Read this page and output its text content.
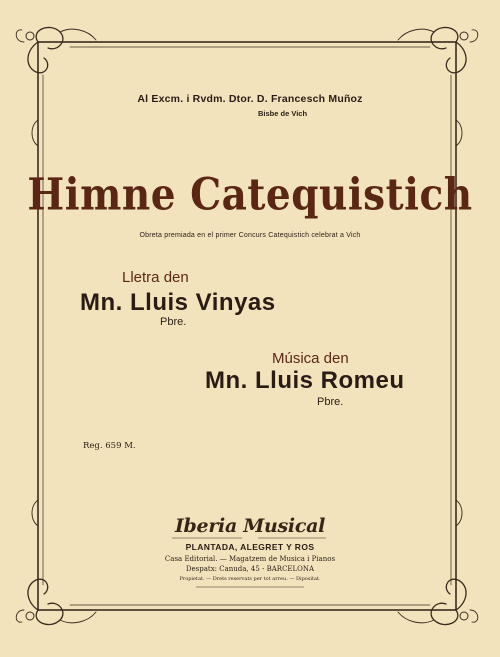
Al Excm. i Rvdm. Dtor. D. Francesch Muñoz
Bisbe de Vich
Himne Catequistich
Obreta premiada en el primer Concurs Catequistich celebrat a Vich
Lletra den
Mn. Lluis Vinyas
Pbre.
Música den
Mn. Lluis Romeu
Pbre.
Reg. 659 M.
Iberia Musical
PLANTADA, ALEGRET Y ROS
Casa Editorial. — Magatzem de Musica i Pianos
Despatx: Canuda, 45 - BARCELONA
Propietat. — Drets reservats per tot arreu. — Dipositat.
